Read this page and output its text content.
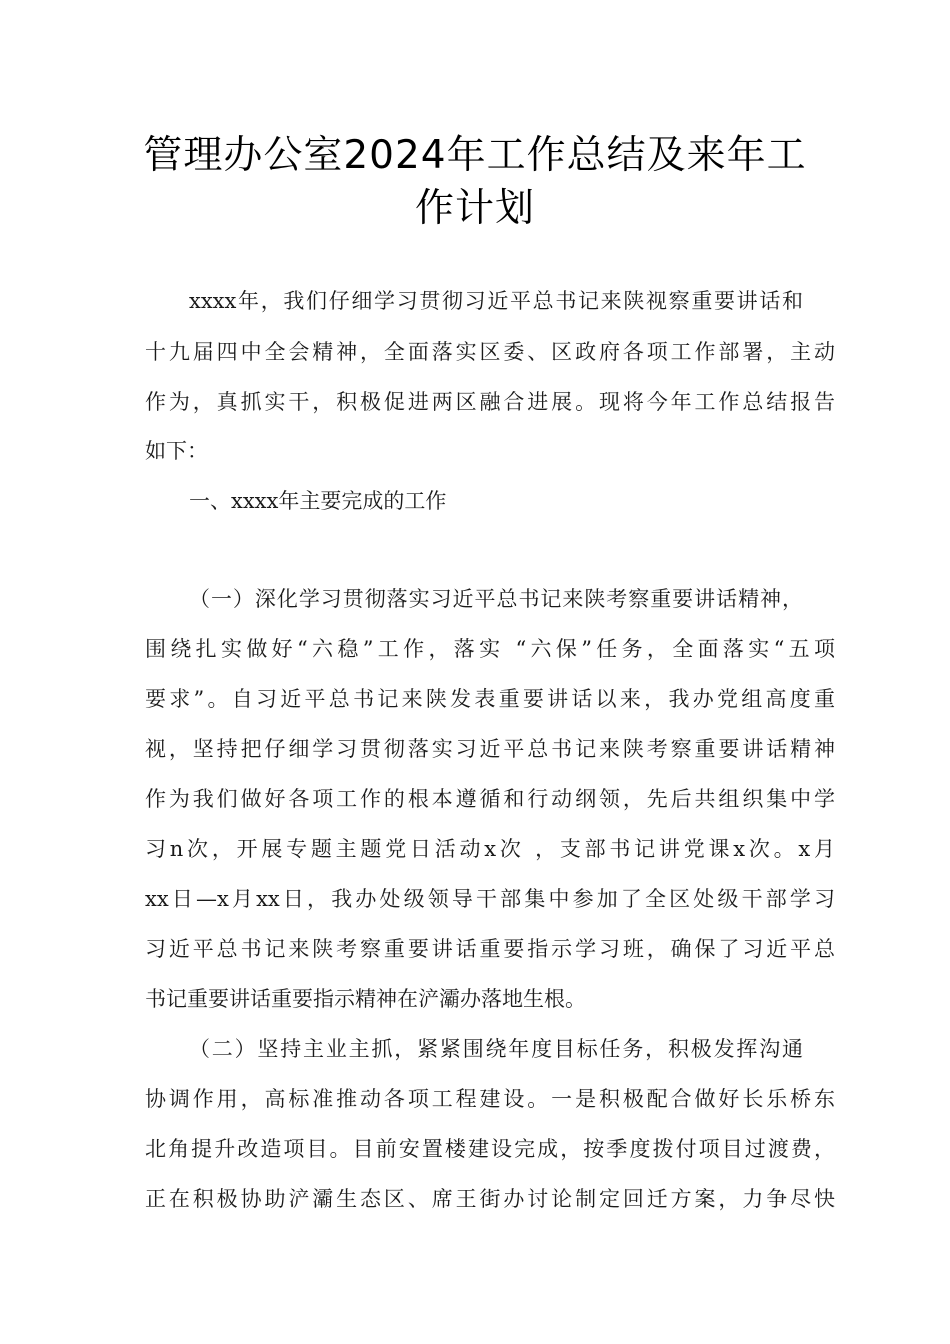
管理办公室2024年工作总结及来年工
作计划
xxxx年，我们仔细学习贯彻习近平总书记来陕视察重要讲话和
十九届四中全会精神，全面落实区委、区政府各项工作部署，主动
作为，真抓实干，积极促进两区融合进展。现将今年工作总结报告
如下：
一、xxxx年主要完成的工作
（一）深化学习贯彻落实习近平总书记来陕考察重要讲话精神，
围绕扎实做好“六稳”工作，落实 “六保”任务，全面落实“五项
要求”。自习近平总书记来陕发表重要讲话以来，我办党组高度重
视，坚持把仔细学习贯彻落实习近平总书记来陕考察重要讲话精神
作为我们做好各项工作的根本遵循和行动纲领，先后共组织集中学
习n次，开展专题主题党日活动x次 ，支部书记讲党课x次。x月
xx日—x月xx日，我办处级领导干部集中参加了全区处级干部学习
习近平总书记来陕考察重要讲话重要指示学习班，确保了习近平总
书记重要讲话重要指示精神在浐灞办落地生根。
（二）坚持主业主抓，紧紧围绕年度目标任务，积极发挥沟通
协调作用，高标准推动各项工程建设。一是积极配合做好长乐桥东
北角提升改造项目。目前安置楼建设完成，按季度拨付项目过渡费，
正在积极协助浐灞生态区、席王街办讨论制定回迁方案，力争尽快
